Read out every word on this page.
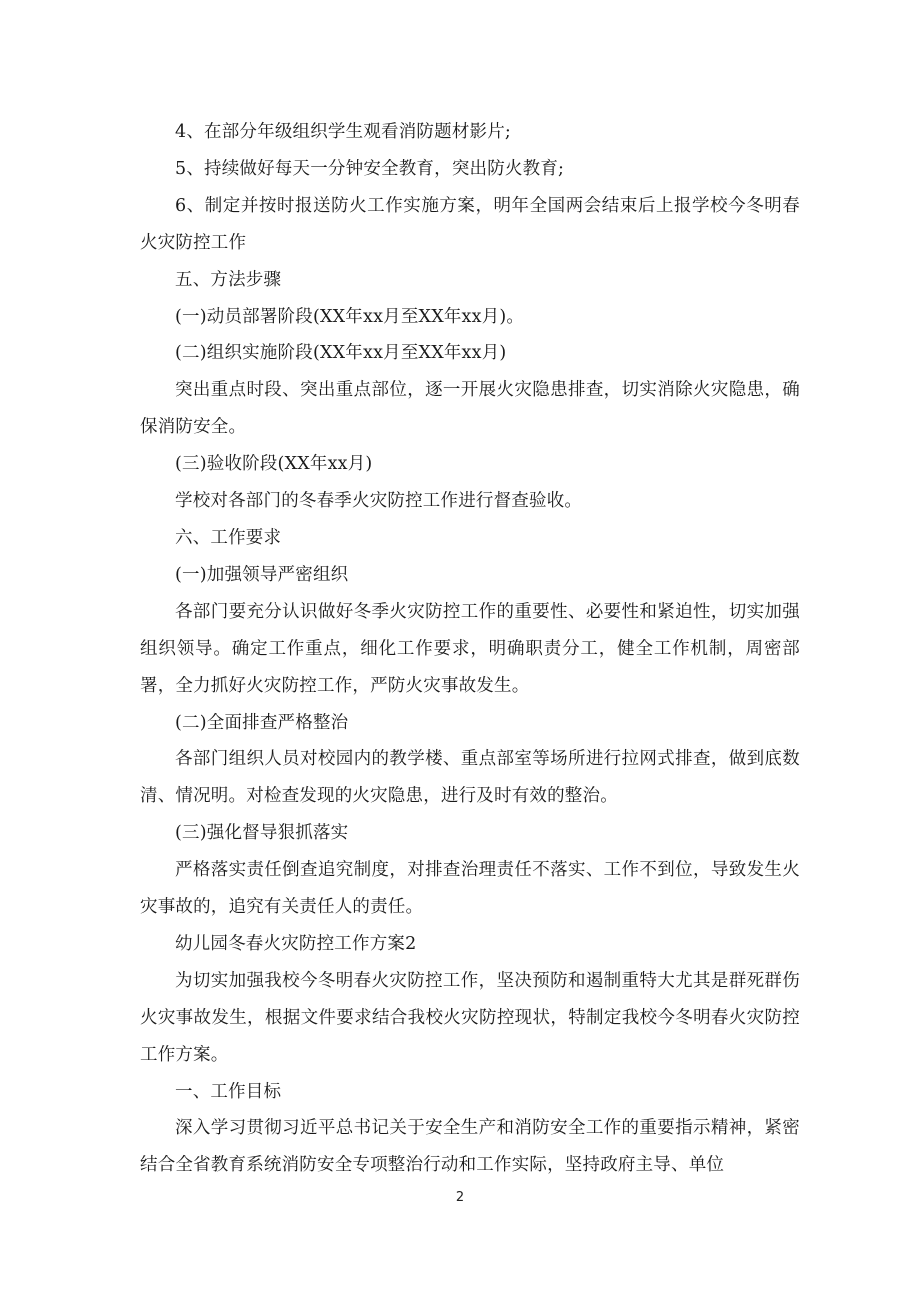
4、在部分年级组织学生观看消防题材影片;

5、持续做好每天一分钟安全教育，突出防火教育;

6、制定并按时报送防火工作实施方案，明年全国两会结束后上报学校今冬明春火灾防控工作

五、方法步骤

(一)动员部署阶段(XX年xx月至XX年xx月)。

(二)组织实施阶段(XX年xx月至XX年xx月)

突出重点时段、突出重点部位，逐一开展火灾隐患排查，切实消除火灾隐患，确保消防安全。

(三)验收阶段(XX年xx月)

学校对各部门的冬春季火灾防控工作进行督查验收。

六、工作要求

(一)加强领导严密组织

各部门要充分认识做好冬季火灾防控工作的重要性、必要性和紧迫性，切实加强组织领导。确定工作重点，细化工作要求，明确职责分工，健全工作机制，周密部署，全力抓好火灾防控工作，严防火灾事故发生。

(二)全面排查严格整治

各部门组织人员对校园内的教学楼、重点部室等场所进行拉网式排查，做到底数清、情况明。对检查发现的火灾隐患，进行及时有效的整治。

(三)强化督导狠抓落实

严格落实责任倒查追究制度，对排查治理责任不落实、工作不到位，导致发生火灾事故的，追究有关责任人的责任。

幼儿园冬春火灾防控工作方案2

为切实加强我校今冬明春火灾防控工作，坚决预防和遏制重特大尤其是群死群伤火灾事故发生，根据文件要求结合我校火灾防控现状，特制定我校今冬明春火灾防控工作方案。

一、工作目标

深入学习贯彻习近平总书记关于安全生产和消防安全工作的重要指示精神，紧密结合全省教育系统消防安全专项整治行动和工作实际，坚持政府主导、单位

2
